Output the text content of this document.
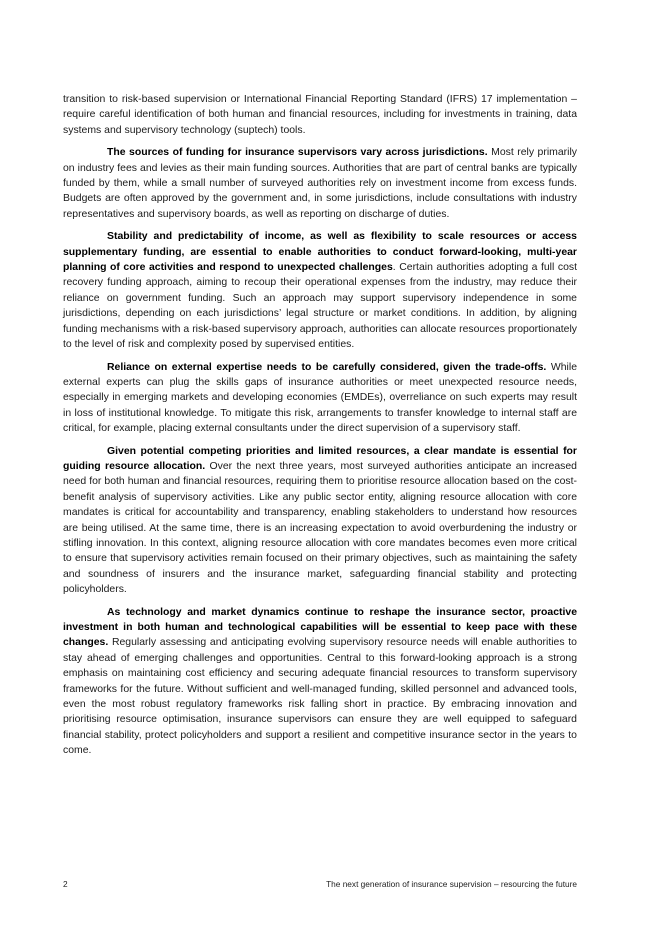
transition to risk-based supervision or International Financial Reporting Standard (IFRS) 17 implementation – require careful identification of both human and financial resources, including for investments in training, data systems and supervisory technology (suptech) tools.

The sources of funding for insurance supervisors vary across jurisdictions. Most rely primarily on industry fees and levies as their main funding sources. Authorities that are part of central banks are typically funded by them, while a small number of surveyed authorities rely on investment income from excess funds. Budgets are often approved by the government and, in some jurisdictions, include consultations with industry representatives and supervisory boards, as well as reporting on discharge of duties.

Stability and predictability of income, as well as flexibility to scale resources or access supplementary funding, are essential to enable authorities to conduct forward-looking, multi-year planning of core activities and respond to unexpected challenges. Certain authorities adopting a full cost recovery funding approach, aiming to recoup their operational expenses from the industry, may reduce their reliance on government funding. Such an approach may support supervisory independence in some jurisdictions, depending on each jurisdictions’ legal structure or market conditions. In addition, by aligning funding mechanisms with a risk-based supervisory approach, authorities can allocate resources proportionately to the level of risk and complexity posed by supervised entities.

Reliance on external expertise needs to be carefully considered, given the trade-offs. While external experts can plug the skills gaps of insurance authorities or meet unexpected resource needs, especially in emerging markets and developing economies (EMDEs), overreliance on such experts may result in loss of institutional knowledge. To mitigate this risk, arrangements to transfer knowledge to internal staff are critical, for example, placing external consultants under the direct supervision of a supervisory staff.

Given potential competing priorities and limited resources, a clear mandate is essential for guiding resource allocation. Over the next three years, most surveyed authorities anticipate an increased need for both human and financial resources, requiring them to prioritise resource allocation based on the cost-benefit analysis of supervisory activities. Like any public sector entity, aligning resource allocation with core mandates is critical for accountability and transparency, enabling stakeholders to understand how resources are being utilised. At the same time, there is an increasing expectation to avoid overburdening the industry or stifling innovation. In this context, aligning resource allocation with core mandates becomes even more critical to ensure that supervisory activities remain focused on their primary objectives, such as maintaining the safety and soundness of insurers and the insurance market, safeguarding financial stability and protecting policyholders.

As technology and market dynamics continue to reshape the insurance sector, proactive investment in both human and technological capabilities will be essential to keep pace with these changes. Regularly assessing and anticipating evolving supervisory resource needs will enable authorities to stay ahead of emerging challenges and opportunities. Central to this forward-looking approach is a strong emphasis on maintaining cost efficiency and securing adequate financial resources to transform supervisory frameworks for the future. Without sufficient and well-managed funding, skilled personnel and advanced tools, even the most robust regulatory frameworks risk falling short in practice. By embracing innovation and prioritising resource optimisation, insurance supervisors can ensure they are well equipped to safeguard financial stability, protect policyholders and support a resilient and competitive insurance sector in the years to come.

2	The next generation of insurance supervision – resourcing the future
